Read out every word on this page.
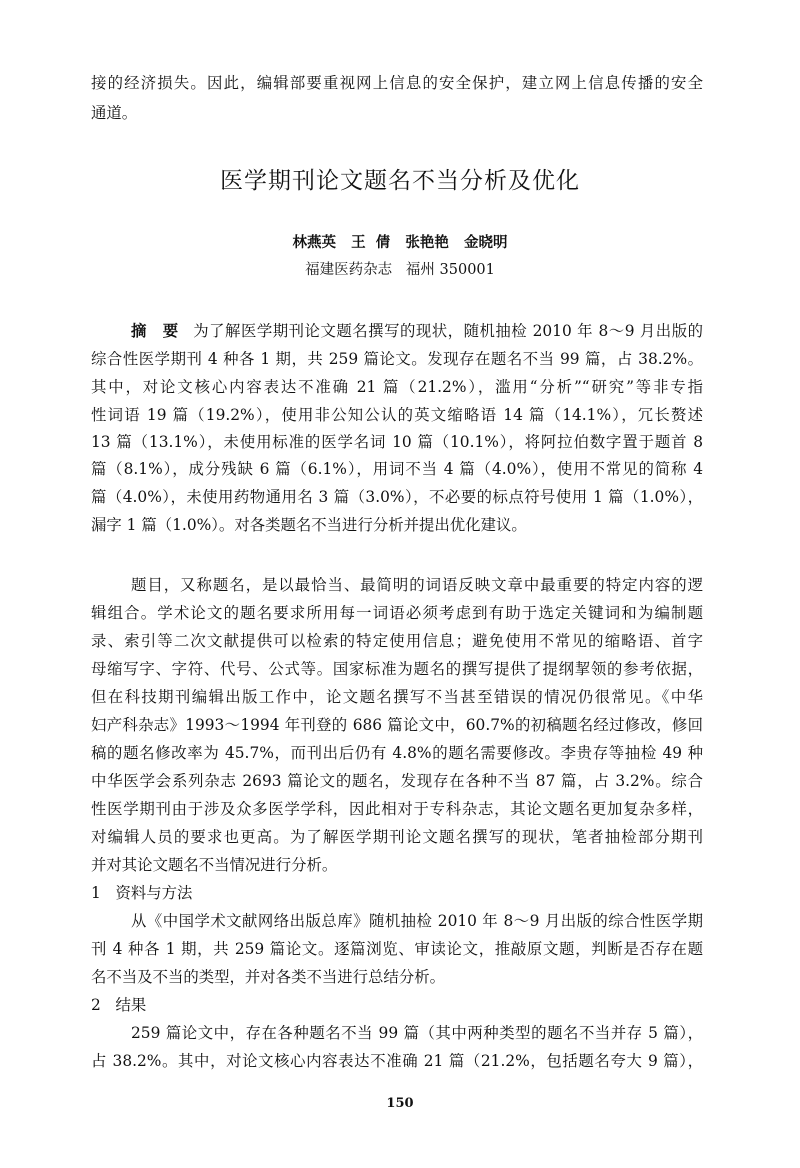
接的经济损失。因此，编辑部要重视网上信息的安全保护，建立网上信息传播的安全
通道。
医学期刊论文题名不当分析及优化
林燕英   王  倩   张艳艳   金晓明
福建医药杂志   福州 350001
摘　要 为了解医学期刊论文题名撰写的现状，随机抽检 2010 年 8～9 月出版的
综合性医学期刊 4 种各 1 期，共 259 篇论文。发现存在题名不当 99 篇，占 38.2%。
其中，对论文核心内容表达不准确 21 篇（21.2%），滥用“分析”“研究”等非专指
性词语 19 篇（19.2%），使用非公知公认的英文缩略语 14 篇（14.1%），冗长赘述
13 篇（13.1%），未使用标准的医学名词 10 篇（10.1%），将阿拉伯数字置于题首 8
篇（8.1%），成分残缺 6 篇（6.1%），用词不当 4 篇（4.0%），使用不常见的简称 4
篇（4.0%），未使用药物通用名 3 篇（3.0%），不必要的标点符号使用 1 篇（1.0%），
漏字 1 篇（1.0%）。对各类题名不当进行分析并提出优化建议。
题目，又称题名，是以最恰当、最简明的词语反映文章中最重要的特定内容的逻
辑组合。学术论文的题名要求所用每一词语必须考虑到有助于选定关键词和为编制题
录、索引等二次文献提供可以检索的特定使用信息；避免使用不常见的缩略语、首字
母缩写字、字符、代号、公式等。国家标准为题名的撰写提供了提纲挈领的参考依据，
但在科技期刊编辑出版工作中，论文题名撰写不当甚至错误的情况仍很常见。《中华
妇产科杂志》1993～1994 年刊登的 686 篇论文中，60.7%的初稿题名经过修改，修回
稿的题名修改率为 45.7%，而刊出后仍有 4.8%的题名需要修改。李贵存等抽检 49 种
中华医学会系列杂志 2693 篇论文的题名，发现存在各种不当 87 篇，占 3.2%。综合
性医学期刊由于涉及众多医学学科，因此相对于专科杂志，其论文题名更加复杂多样，
对编辑人员的要求也更高。为了解医学期刊论文题名撰写的现状，笔者抽检部分期刊
并对其论文题名不当情况进行分析。
1   资料与方法
从《中国学术文献网络出版总库》随机抽检 2010 年 8～9 月出版的综合性医学期
刊 4 种各 1 期，共 259 篇论文。逐篇浏览、审读论文，推敲原文题，判断是否存在题
名不当及不当的类型，并对各类不当进行总结分析。
2   结果
259 篇论文中，存在各种题名不当 99 篇（其中两种类型的题名不当并存 5 篇），
占 38.2%。其中，对论文核心内容表达不准确 21 篇（21.2%，包括题名夸大 9 篇），
150
